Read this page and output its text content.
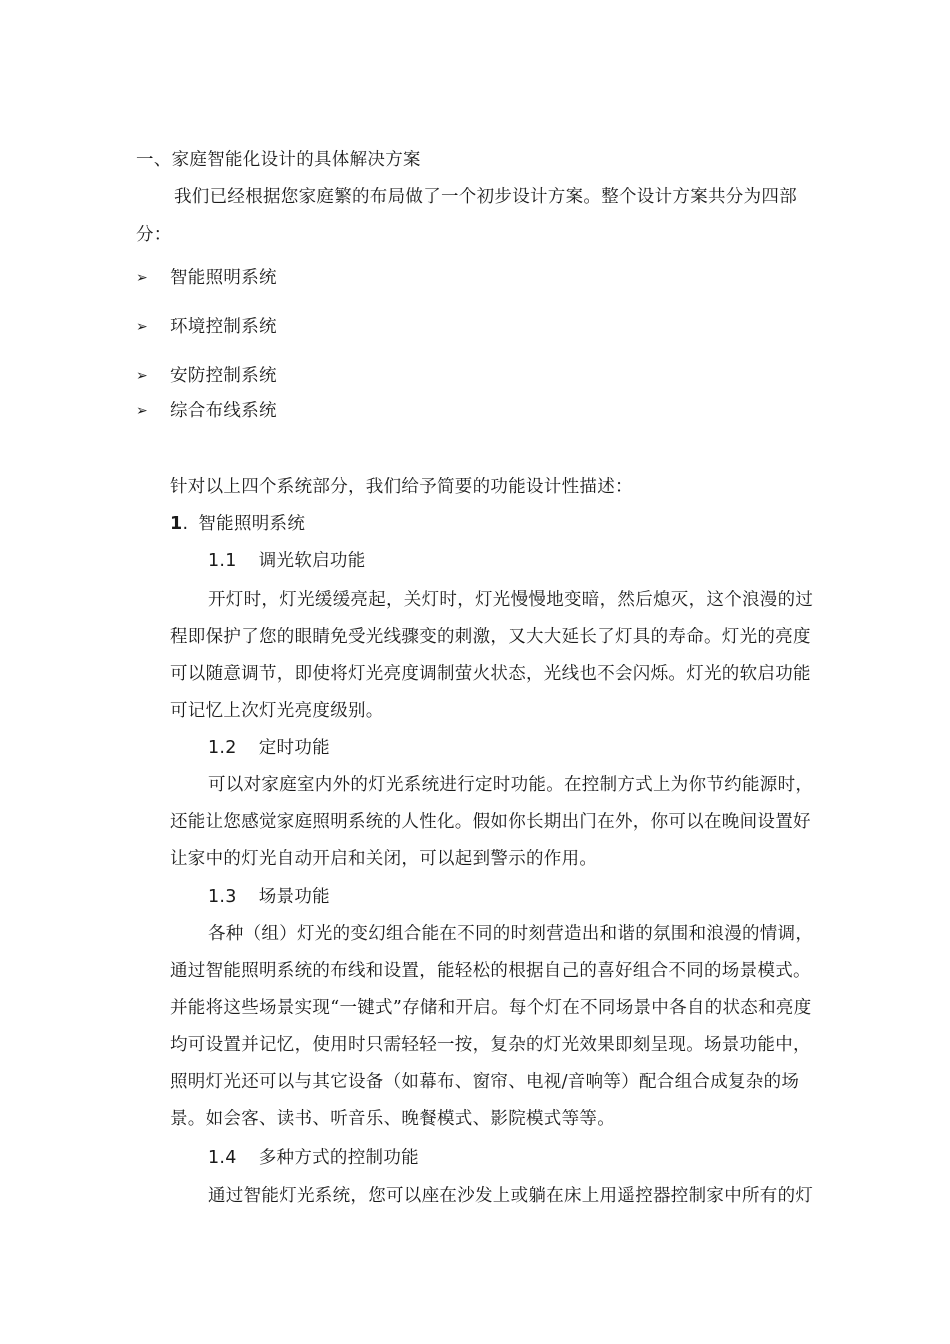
一、家庭智能化设计的具体解决方案
我们已经根据您家庭繁的布局做了一个初步设计方案。整个设计方案共分为四部
分：
➢ 智能照明系统
➢ 环境控制系统
➢ 安防控制系统
➢ 综合布线系统
针对以上四个系统部分，我们给予简要的功能设计性描述：
1. 智能照明系统
1.1 调光软启功能
开灯时，灯光缓缓亮起，关灯时，灯光慢慢地变暗，然后熄灭，这个浪漫的过
程即保护了您的眼睛免受光线骤变的刺激，又大大延长了灯具的寿命。灯光的亮度
可以随意调节，即使将灯光亮度调制萤火状态，光线也不会闪烁。灯光的软启功能
可记忆上次灯光亮度级别。
1.2 定时功能
可以对家庭室内外的灯光系统进行定时功能。在控制方式上为你节约能源时，
还能让您感觉家庭照明系统的人性化。假如你长期出门在外，你可以在晚间设置好
让家中的灯光自动开启和关闭，可以起到警示的作用。
1.3 场景功能
各种（组）灯光的变幻组合能在不同的时刻营造出和谐的氛围和浪漫的情调，
通过智能照明系统的布线和设置，能轻松的根据自己的喜好组合不同的场景模式。
并能将这些场景实现“一键式”存储和开启。每个灯在不同场景中各自的状态和亮度
均可设置并记忆，使用时只需轻轻一按，复杂的灯光效果即刻呈现。场景功能中，
照明灯光还可以与其它设备（如幕布、窗帘、电视/音响等）配合组合成复杂的场
景。如会客、读书、听音乐、晚餐模式、影院模式等等。
1.4 多种方式的控制功能
通过智能灯光系统，您可以座在沙发上或躺在床上用遥控器控制家中所有的灯
